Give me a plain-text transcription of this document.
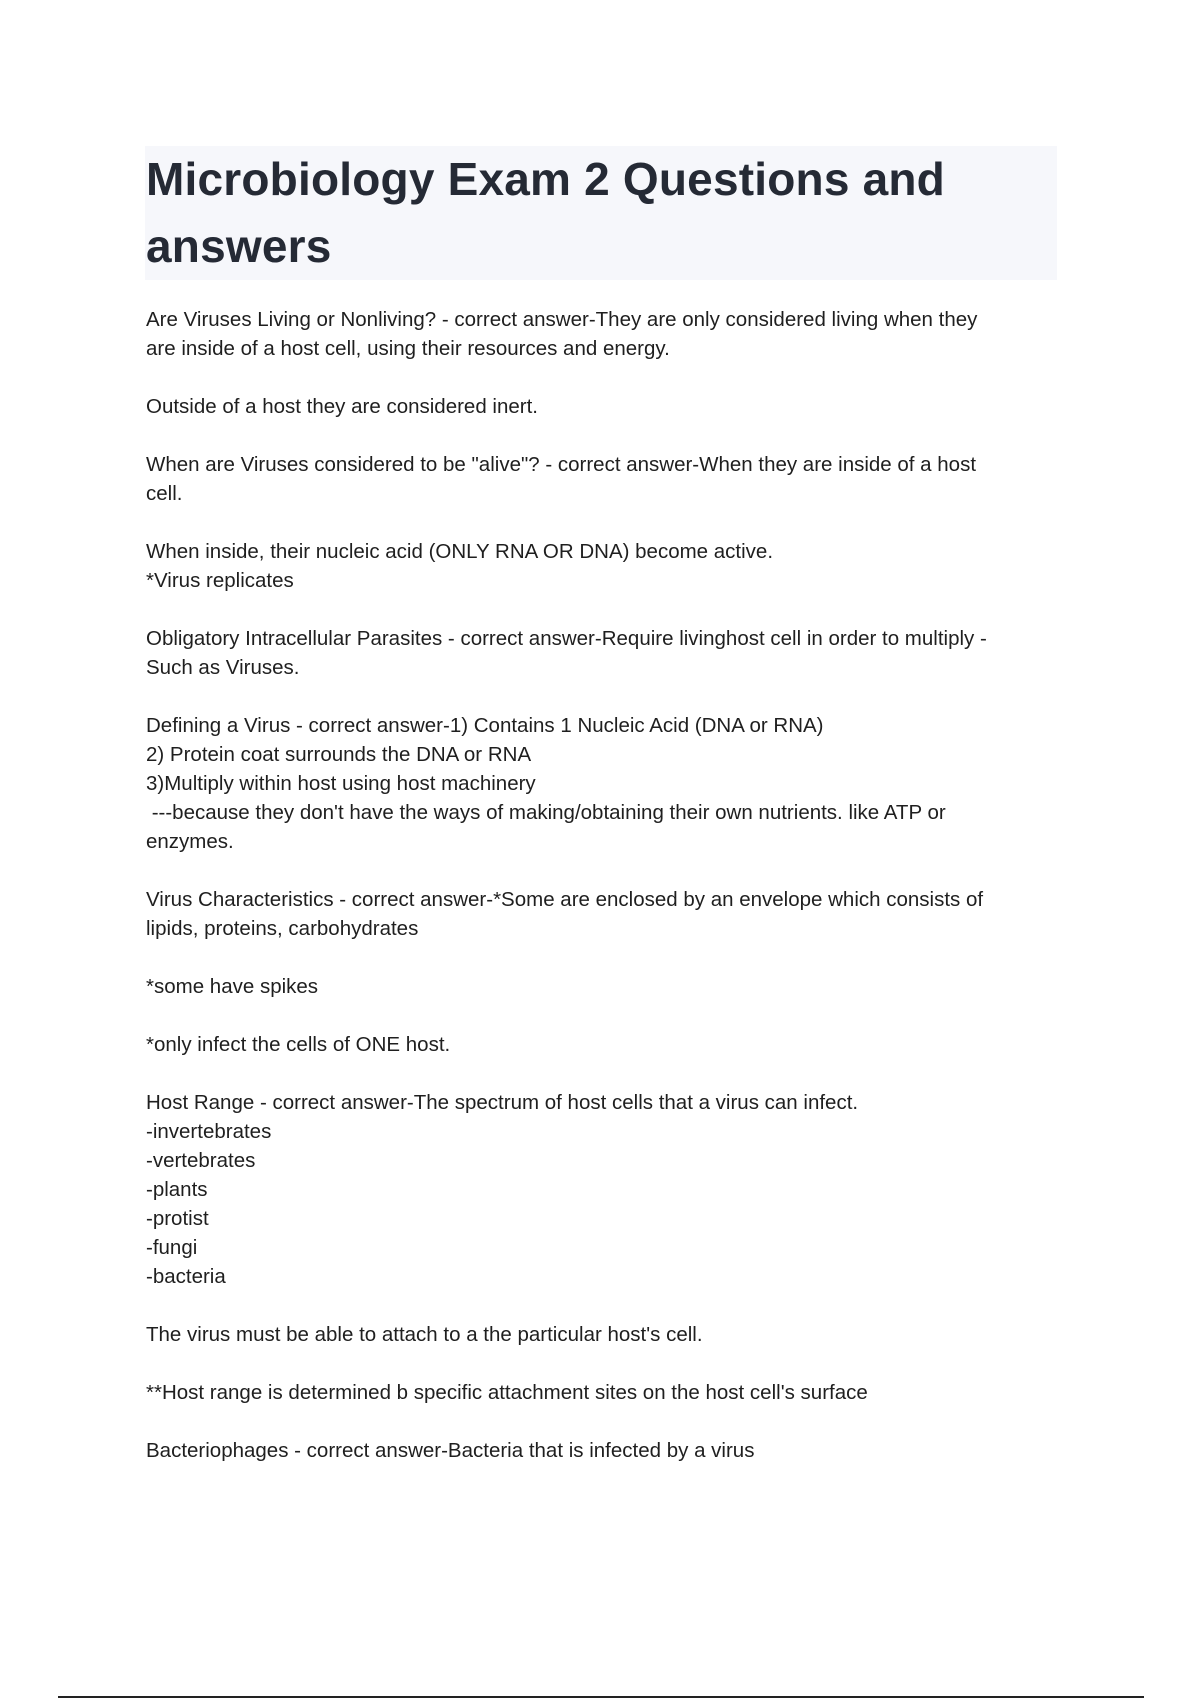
Microbiology Exam 2 Questions and answers

Are Viruses Living or Nonliving? - correct answer-They are only considered living when they
are inside of a host cell, using their resources and energy.

Outside of a host they are considered inert.

When are Viruses considered to be "alive"? - correct answer-When they are inside of a host
cell.

When inside, their nucleic acid (ONLY RNA OR DNA) become active.
*Virus replicates

Obligatory Intracellular Parasites - correct answer-Require livinghost cell in order to multiply -
Such as Viruses.

Defining a Virus - correct answer-1) Contains 1 Nucleic Acid (DNA or RNA)
2) Protein coat surrounds the DNA or RNA
3)Multiply within host using host machinery
---because they don't have the ways of making/obtaining their own nutrients. like ATP or
enzymes.

Virus Characteristics - correct answer-*Some are enclosed by an envelope which consists of
lipids, proteins, carbohydrates

*some have spikes

*only infect the cells of ONE host.

Host Range - correct answer-The spectrum of host cells that a virus can infect.
-invertebrates
-vertebrates
-plants
-protist
-fungi
-bacteria

The virus must be able to attach to a the particular host's cell.

**Host range is determined b specific attachment sites on the host cell's surface

Bacteriophages - correct answer-Bacteria that is infected by a virus
